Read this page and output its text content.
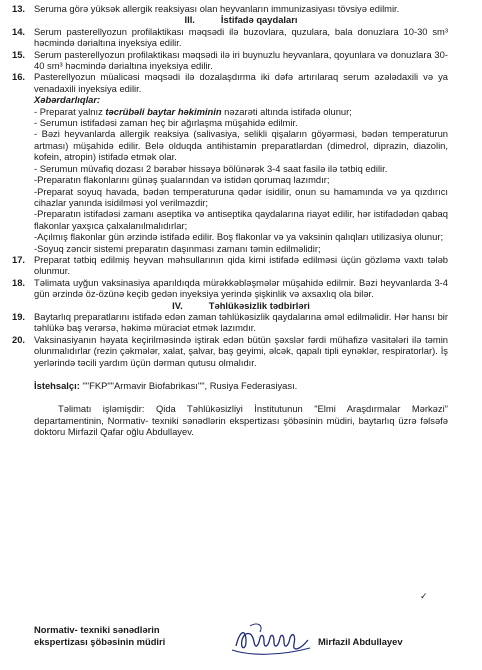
13. Seruma görə yüksək allergik reaksiyası olan heyvanların immunizasiyası tövsiyə edilmir.
III.	İstifadə qaydaları
14. Serum pasterellyozun profilaktikası məqsədi ilə buzovlara, quzulara, bala donuzlara 10-30 sm³ həcmində dərialtına inyeksiya edilir.
15. Serum pasterellyozun profilaktikası məqsədi ilə iri buynuzlu heyvanlara, qoyunlara və donuzlara 30-40 sm³ həcmində dərialtına inyeksiya edilir.
16. Pasterellyozun müalicəsi məqsədi ilə dozalaşdırma iki dəfə artırılaraq serum əzələdaxili və ya venadaxili inyeksiya edilir.
Xəbərdarlıqlar:
- Preparat yalnız təcrübəli baytar həkiminin nəzarəti altında istifadə olunur;
- Serumun istifadəsi zaman heç bir ağırlaşma müşahidə edilmir.
- Bəzi heyvanlarda allergik reaksiya (salivasiya, selikli qişaların göyərməsi, bədən temperaturun artması) müşahidə edilir. Belə olduqda antihistamin preparatlardan (dimedrol, diprazin, diazolin, kofein, atropin) istifadə etmək olar.
- Serumun müvafiq dozası 2 bərabər hissəyə bölünərək 3-4 saat fasilə ilə tətbiq edilir.
-Preparatın flakonlarını günəş şualarından və istidən qorumaq lazımdır;
-Preparat soyuq havada, bədən temperaturuna qədər isidilir, onun su hamamında və ya qızdırıcı cihazlar yanında isidilməsi yol verilməzdir;
-Preparatın istifadəsi zamanı aseptika və antiseptika qaydalarına riayət edilir, hər istifadədən qabaq flakonlar yaxşıca çalxalanılmalıdırlar;
-Açılmış flakonlar gün ərzində istifadə edilir. Boş flakonlar və ya vaksinin qalıqları utilizasiya olunur;
-Soyuq zəncir sistemi preparatın daşınması zamanı təmin edilməlidir;
17. Preparat tətbiq edilmiş heyvan məhsullarının qida kimi istifadə edilməsi üçün gözləmə vaxtı tələb olunmur.
18. Təlimata uyğun vaksinasiya aparıldıqda mürəkkəbləşmələr müşahidə edilmir. Bəzi heyvanlarda 3-4 gün ərzində öz-özünə keçib gedən inyeksiya yerində şişkinlik və axsaxlıq ola bilər.
IV.	Təhlükəsizlik tədbirləri
19. Baytarlıq preparatlarını istifadə edən zaman təhlükəsizlik qaydalarına əməl edilməlidir. Hər hansı bir təhlükə baş verərsə, həkimə müraciət etmək lazımdır.
20. Vaksinasiyanın həyata keçirilməsində iştirak edən bütün şəxslər fərdi mühafizə vasitələri ilə təmin olunmalıdırlar (rezin çəkmələr, xalat, şalvar, baş geyimi, əlcək, qapalı tipli eynəklər, respiratorlar). İş yerlərində təcili yardım üçün dərman qutusu olmalıdır.
İstehsalçı: ""FKP""Armavir Biofabrikası"", Rusiya Federasiyası.
Təlimatı işləmişdir: Qida Təhlükəsizliyi İnstitutunun "Elmi Araşdırmalar Mərkəzi" departamentinin, Normativ- texniki sənədlərin ekspertizası şöbəsinin müdiri, baytarlıq üzrə fəlsəfə doktoru Mirfazil Qafar oğlu Abdullayev.
✓
Normativ- texniki sənədlərin
ekspertizası şöbəsinin müdiri	Mirfazil Abdullayev
